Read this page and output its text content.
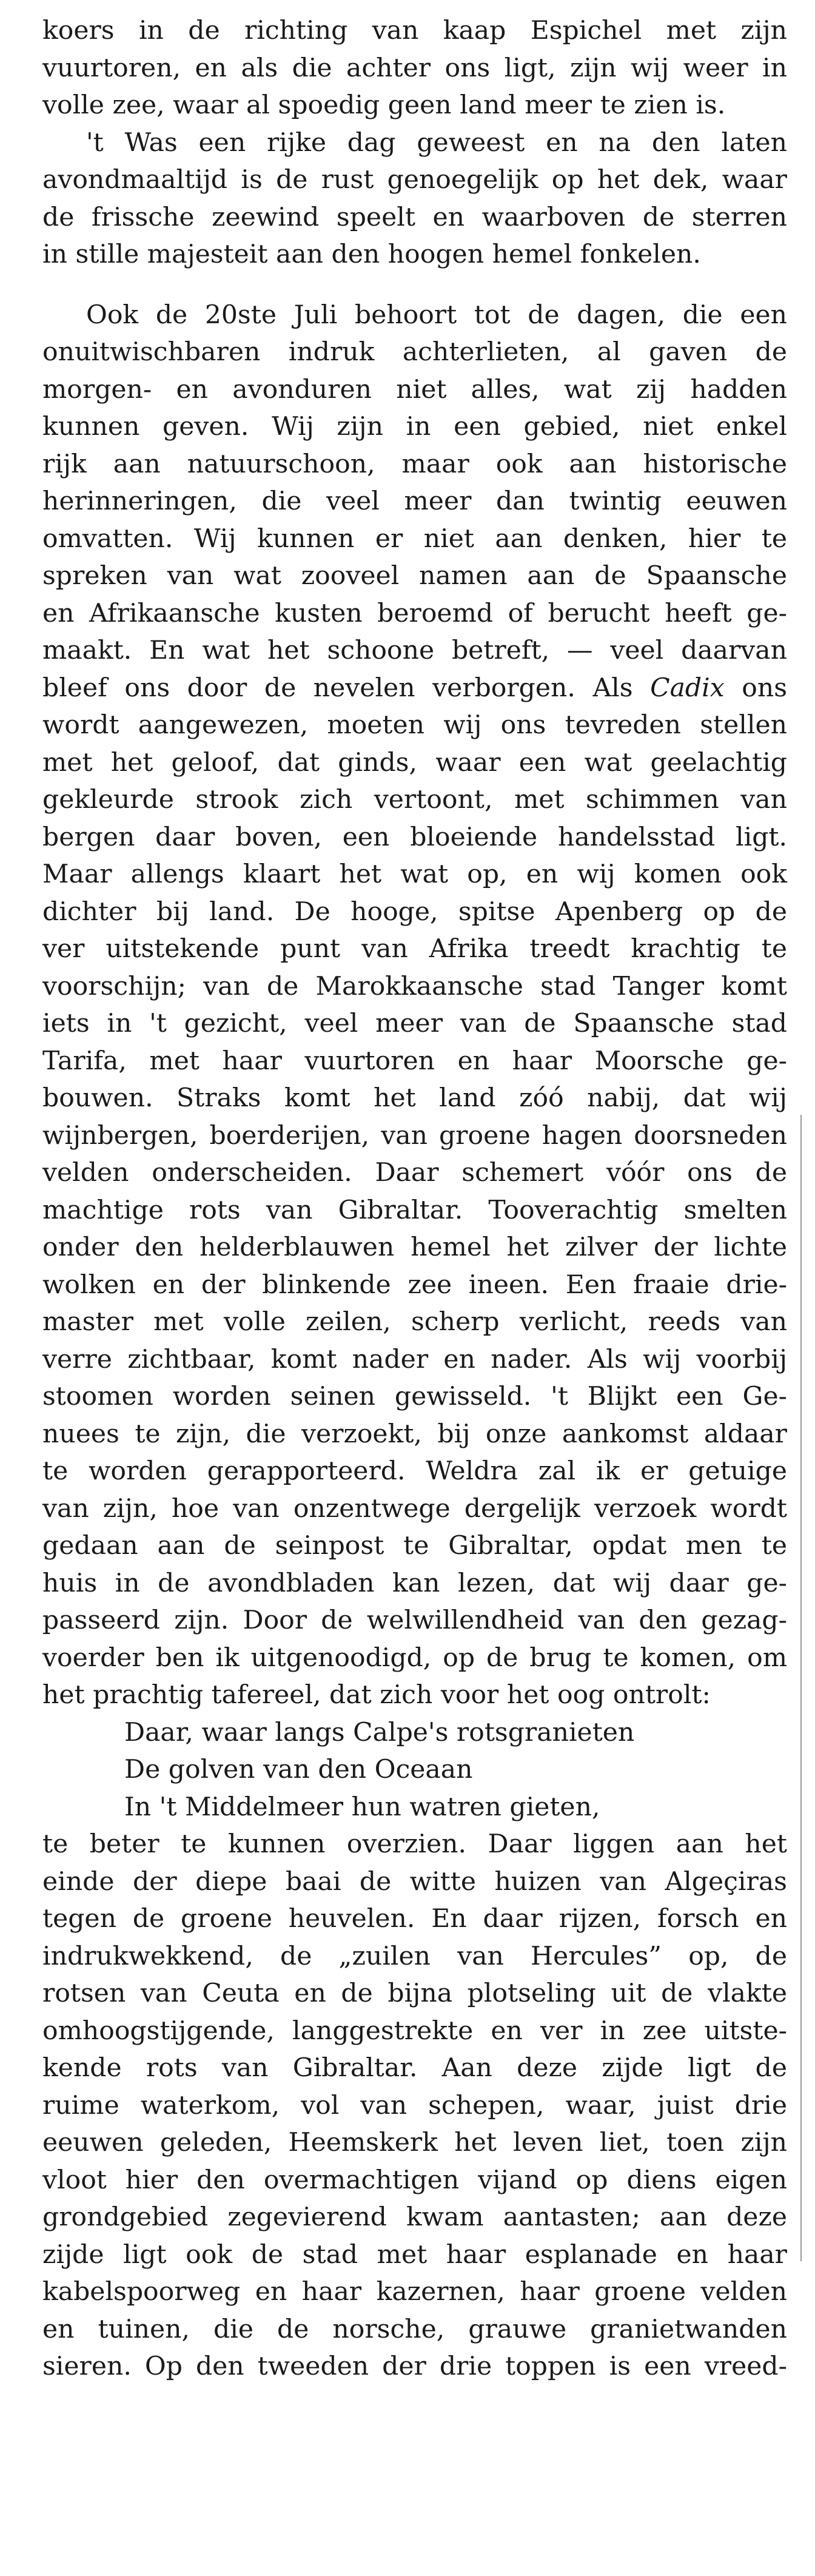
koers in de richting van kaap Espichel met zijn
vuurtoren, en als die achter ons ligt, zijn wij weer in
volle zee, waar al spoedig geen land meer te zien is.
't Was een rijke dag geweest en na den laten
avondmaaltijd is de rust genoegelijk op het dek, waar
de frissche zeewind speelt en waarboven de sterren
in stille majesteit aan den hoogen hemel fonkelen.
Ook de 20ste Juli behoort tot de dagen, die een
onuitwischbaren indruk achterlieten, al gaven de
morgen- en avonduren niet alles, wat zij hadden
kunnen geven. Wij zijn in een gebied, niet enkel
rijk aan natuurschoon, maar ook aan historische
herinneringen, die veel meer dan twintig eeuwen
omvatten. Wij kunnen er niet aan denken, hier te
spreken van wat zooveel namen aan de Spaansche
en Afrikaansche kusten beroemd of berucht heeft ge-
maakt. En wat het schoone betreft, — veel daarvan
bleef ons door de nevelen verborgen. Als Cadix ons
wordt aangewezen, moeten wij ons tevreden stellen
met het geloof, dat ginds, waar een wat geelachtig
gekleurde strook zich vertoont, met schimmen van
bergen daar boven, een bloeiende handelsstad ligt.
Maar allengs klaart het wat op, en wij komen ook
dichter bij land. De hooge, spitse Apenberg op de
ver uitstekende punt van Afrika treedt krachtig te
voorschijn; van de Marokkaansche stad Tanger komt
iets in 't gezicht, veel meer van de Spaansche stad
Tarifa, met haar vuurtoren en haar Moorsche ge-
bouwen. Straks komt het land zóó nabij, dat wij
wijnbergen, boerderijen, van groene hagen doorsneden
velden onderscheiden. Daar schemert vóór ons de
machtige rots van Gibraltar. Tooverachtig smelten
onder den helderblauwen hemel het zilver der lichte
wolken en der blinkende zee ineen. Een fraaie drie-
master met volle zeilen, scherp verlicht, reeds van
verre zichtbaar, komt nader en nader. Als wij voorbij
stoomen worden seinen gewisseld. 't Blijkt een Ge-
nuees te zijn, die verzoekt, bij onze aankomst aldaar
te worden gerapporteerd. Weldra zal ik er getuige
van zijn, hoe van onzentwege dergelijk verzoek wordt
gedaan aan de seinpost te Gibraltar, opdat men te
huis in de avondbladen kan lezen, dat wij daar ge-
passeerd zijn. Door de welwillendheid van den gezag-
voerder ben ik uitgenoodigd, op de brug te komen, om
het prachtig tafereel, dat zich voor het oog ontrolt:
Daar, waar langs Calpe's rotsgranieten
De golven van den Oceaan
In 't Middelmeer hun watren gieten,
te beter te kunnen overzien. Daar liggen aan het
einde der diepe baai de witte huizen van Algeçiras
tegen de groene heuvelen. En daar rijzen, forsch en
indrukwekkend, de „zuilen van Hercules” op, de
rotsen van Ceuta en de bijna plotseling uit de vlakte
omhoogstijgende, langgestrekte en ver in zee uitste-
kende rots van Gibraltar. Aan deze zijde ligt de
ruime waterkom, vol van schepen, waar, juist drie
eeuwen geleden, Heemskerk het leven liet, toen zijn
vloot hier den overmachtigen vijand op diens eigen
grondgebied zegevierend kwam aantasten; aan deze
zijde ligt ook de stad met haar esplanade en haar
kabelspoorweg en haar kazernen, haar groene velden
en tuinen, die de norsche, grauwe granietwanden
sieren. Op den tweeden der drie toppen is een vreed-
